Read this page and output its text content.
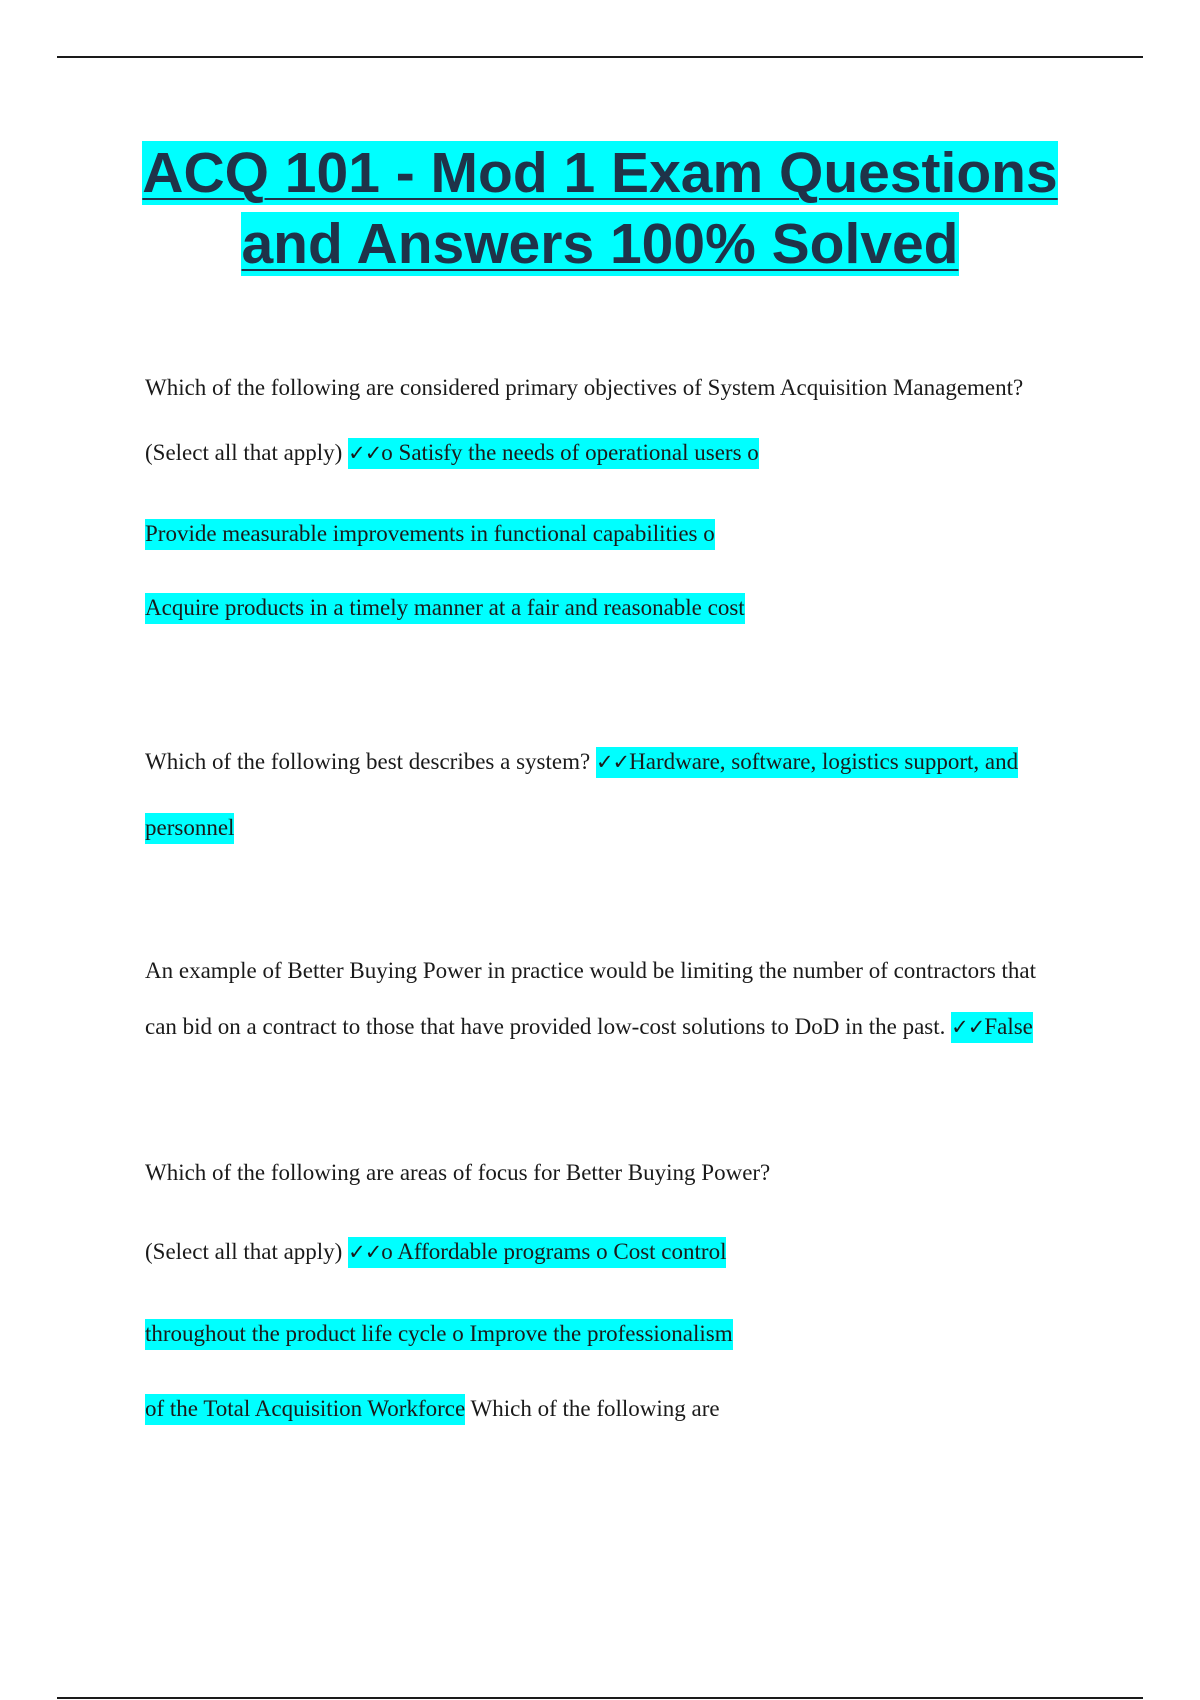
ACQ 101 - Mod 1 Exam Questions
and Answers 100% Solved

Which of the following are considered primary objectives of System Acquisition Management?

(Select all that apply) ✓✓o Satisfy the needs of operational users o

Provide measurable improvements in functional capabilities o

Acquire products in a timely manner at a fair and reasonable cost

Which of the following best describes a system? ✓✓Hardware, software, logistics support, and

personnel

An example of Better Buying Power in practice would be limiting the number of contractors that

can bid on a contract to those that have provided low-cost solutions to DoD in the past. ✓✓False

Which of the following are areas of focus for Better Buying Power?

(Select all that apply) ✓✓o Affordable programs o Cost control

throughout the product life cycle o Improve the professionalism

of the Total Acquisition Workforce Which of the following are
